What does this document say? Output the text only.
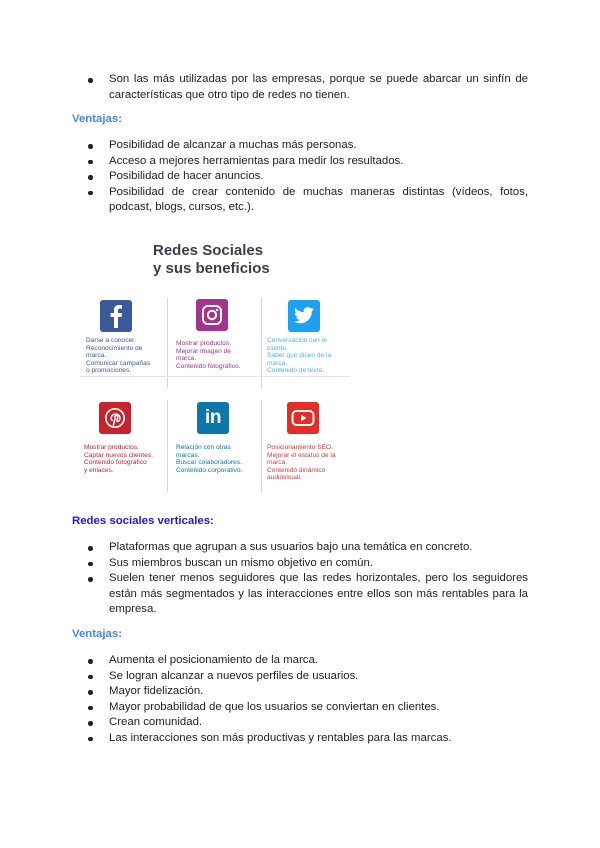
Son las más utilizadas por las empresas, porque se puede abarcar un sinfín de características que otro tipo de redes no tienen.
Ventajas:
Posibilidad de alcanzar a muchas más personas.
Acceso a mejores herramientas para medir los resultados.
Posibilidad de hacer anuncios.
Posibilidad de crear contenido de muchas maneras distintas (vídeos, fotos, podcast, blogs, cursos, etc.).
Redes Sociales
y sus beneficios
Darse a conocer.
Reconocimiento de
marca.
Comunicar campañas
o promociones.
Mostrar productos.
Mejorar imagen de
marca.
Contenido fotográfico.
Conversación con el
cliente.
Saber que dicen de la
marca.
Contenido de texto.
Mostrar productos.
Captar nuevos clientes.
Contenido fotográfico
y enlaces.
in
Relación con otras
marcas.
Buscar colaboradores.
Contenido corporativo.
Posicionamiento SEO.
Mejorar el estatus de la
marca.
Contenido dinámico
audiovisual.
Redes sociales verticales:
Plataformas que agrupan a sus usuarios bajo una temática en concreto.
Sus miembros buscan un mismo objetivo en común.
Suelen tener menos seguidores que las redes horizontales, pero los seguidores están más segmentados y las interacciones entre ellos son más rentables para la empresa.
Ventajas:
Aumenta el posicionamiento de la marca.
Se logran alcanzar a nuevos perfiles de usuarios.
Mayor fidelización.
Mayor probabilidad de que los usuarios se conviertan en clientes.
Crean comunidad.
Las interacciones son más productivas y rentables para las marcas.
